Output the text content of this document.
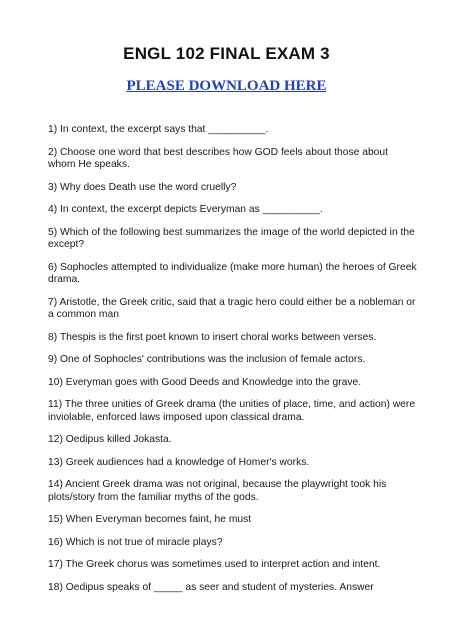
ENGL 102 FINAL EXAM 3
PLEASE DOWNLOAD HERE
1) In context, the excerpt says that __________.
2) Choose one word that best describes how GOD feels about those about whom He speaks.
3) Why does Death use the word cruelly?
4) In context, the excerpt depicts Everyman as __________.
5) Which of the following best summarizes the image of the world depicted in the except?
6) Sophocles attempted to individualize (make more human) the heroes of Greek drama.
7) Aristotle, the Greek critic, said that a tragic hero could either be a nobleman or a common man
8) Thespis is the first poet known to insert choral works between verses.
9) One of Sophocles' contributions was the inclusion of female actors.
10) Everyman goes with Good Deeds and Knowledge into the grave.
11) The three unities of Greek drama (the unities of place, time, and action) were inviolable, enforced laws imposed upon classical drama.
12) Oedipus killed Jokasta.
13) Greek audiences had a knowledge of Homer's works.
14) Ancient Greek drama was not original, because the playwright took his plots/story from the familiar myths of the gods.
15) When Everyman becomes faint, he must
16) Which is not true of miracle plays?
17) The Greek chorus was sometimes used to interpret action and intent.
18) Oedipus speaks of _____ as seer and student of mysteries. Answer
